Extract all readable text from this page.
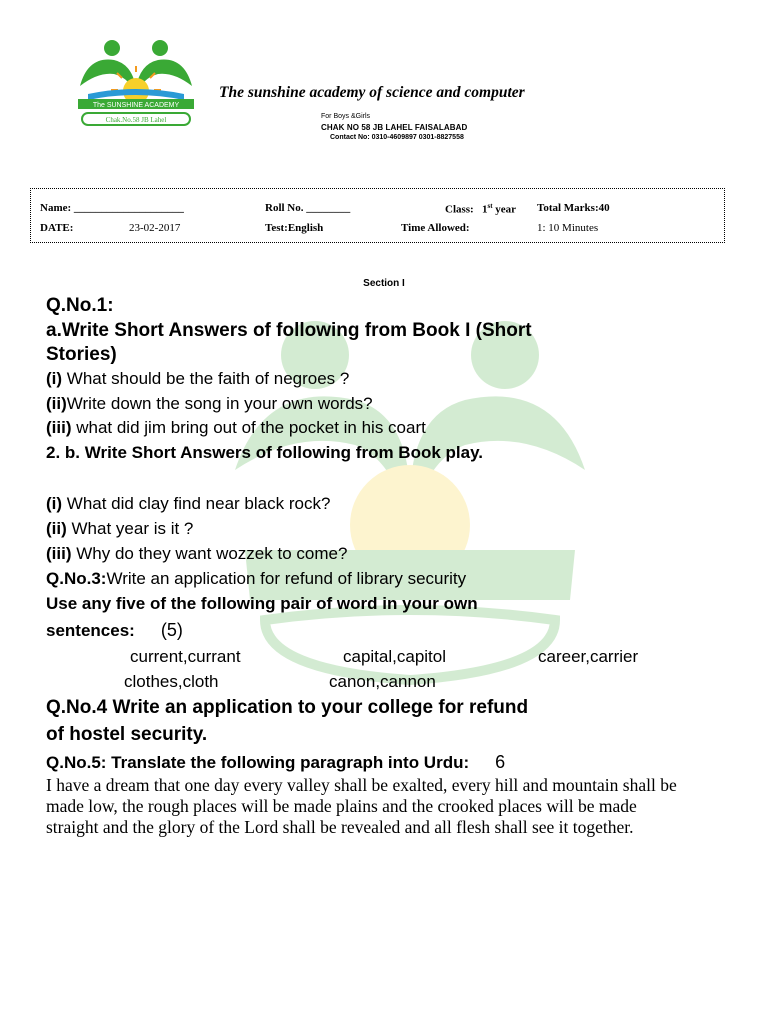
The SUNSHINE ACADEMY
Chak.No.58 JB Lahel
The sunshine academy of science and computer
For Boys &Girls
CHAK NO 58 JB LAHEL FAISALABAD
Contact No: 0310-4609897 0301-8827558
Name: ____________________	Roll No. ________	Class: 1st year Total Marks:40
DATE:	23-02-2017	Test:English	Time Allowed:	1: 10 Minutes
Section I
Q.No.1:
a.Write Short Answers of following from Book I (Short
Stories)
(i) What should be the faith of negroes ?
(ii)Write down the song in your own words?
(iii) what did jim bring out of the pocket in his coart
2. b. Write Short Answers of following from Book play.
(i) What did clay find near black rock?
(ii) What year is it ?
(iii) Why do they want wozzek to come?
Q.No.3:Write an application for refund of library security
Use any five of the following pair of word in your own
sentences: (5)
current,currant	capital,capitol	career,carrier
clothes,cloth	canon,cannon
Q.No.4 Write an application to your college for refund
of hostel security.
Q.No.5: Translate the following paragraph into Urdu: 6
I have a dream that one day every valley shall be exalted, every hill and mountain shall be made low, the rough places will be made plains and the crooked places will be made straight and the glory of the Lord shall be revealed and all flesh shall see it together.
